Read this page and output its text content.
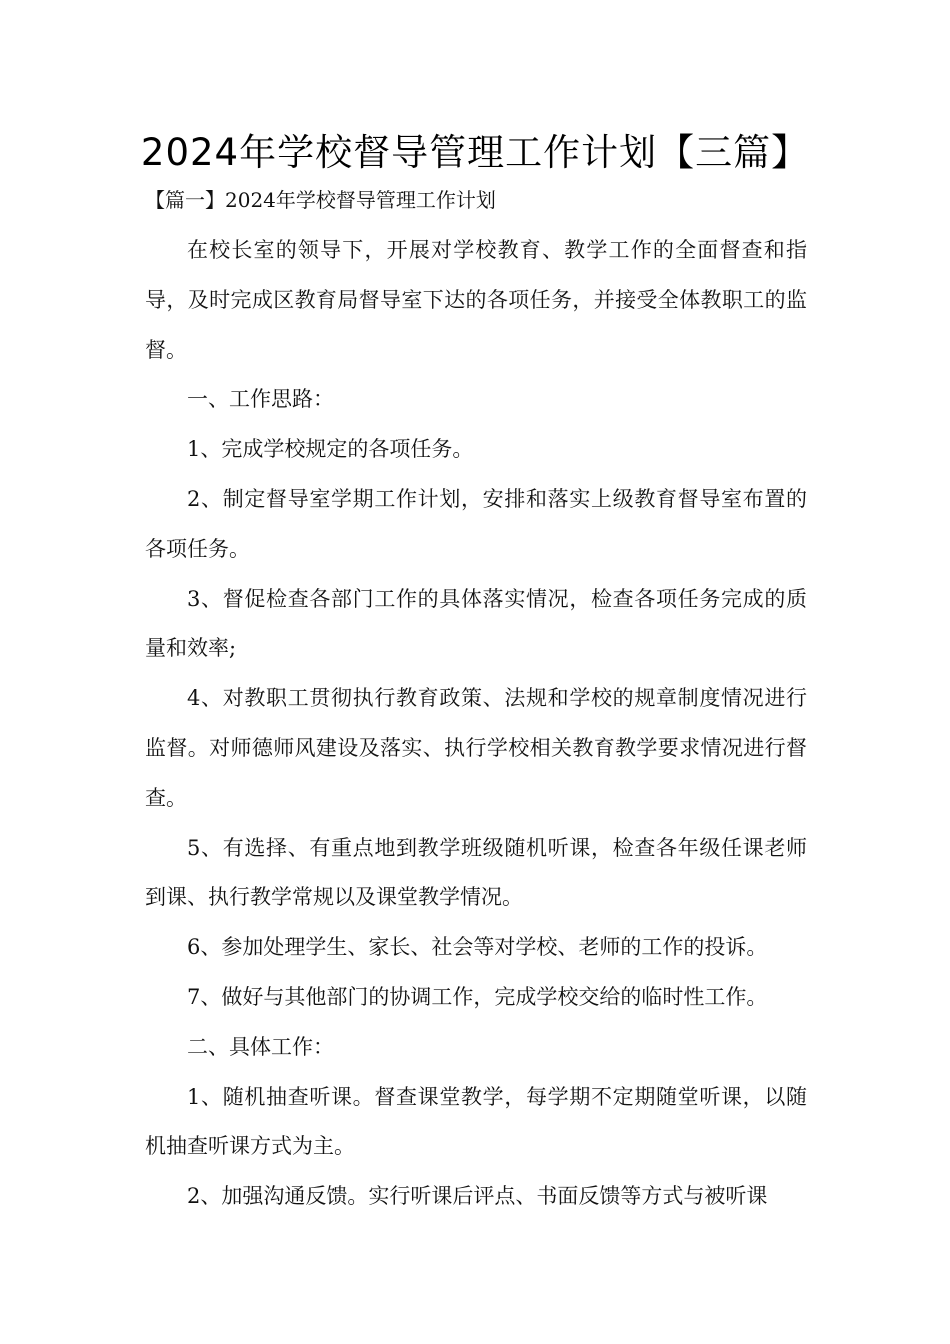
2024年学校督导管理工作计划【三篇】
【篇一】2024年学校督导管理工作计划

在校长室的领导下，开展对学校教育、教学工作的全面督查和指导，及时完成区教育局督导室下达的各项任务，并接受全体教职工的监督。

一、工作思路：

1、完成学校规定的各项任务。

2、制定督导室学期工作计划，安排和落实上级教育督导室布置的各项任务。

3、督促检查各部门工作的具体落实情况，检查各项任务完成的质量和效率;

4、对教职工贯彻执行教育政策、法规和学校的规章制度情况进行监督。对师德师风建设及落实、执行学校相关教育教学要求情况进行督查。

5、有选择、有重点地到教学班级随机听课，检查各年级任课老师到课、执行教学常规以及课堂教学情况。

6、参加处理学生、家长、社会等对学校、老师的工作的投诉。

7、做好与其他部门的协调工作，完成学校交给的临时性工作。

二、具体工作：

1、随机抽查听课。督查课堂教学，每学期不定期随堂听课，以随机抽查听课方式为主。

2、加强沟通反馈。实行听课后评点、书面反馈等方式与被听课
